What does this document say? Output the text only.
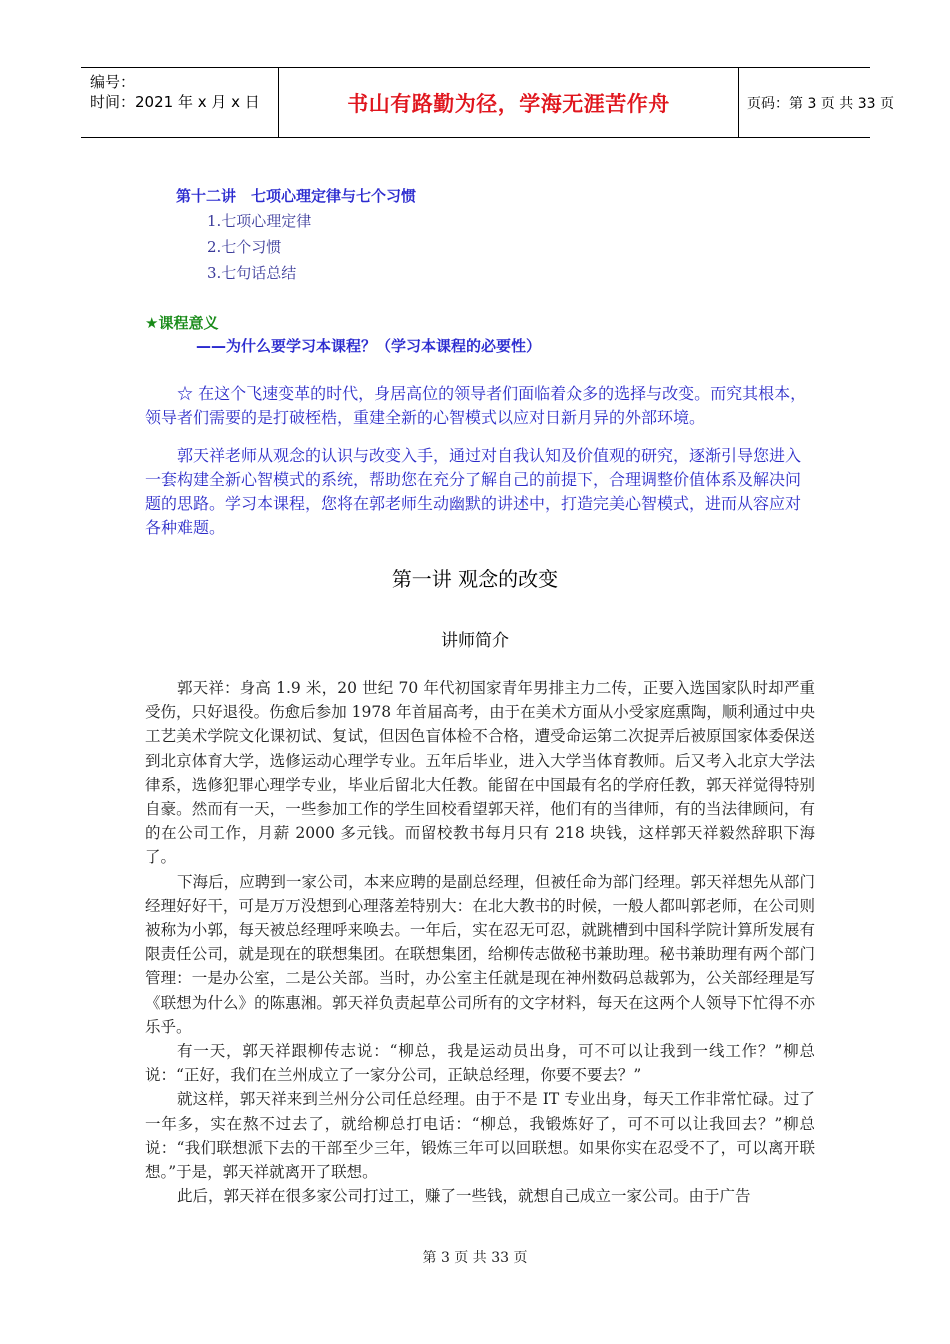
编号：
时间：2021 年 x 月 x 日	书山有路勤为径，学海无涯苦作舟	页码：第 3 页 共 33 页
第十二讲　七项心理定律与七个习惯
1.七项心理定律
2.七个习惯
3.七句话总结
★课程意义
——为什么要学习本课程？（学习本课程的必要性）

☆ 在这个飞速变革的时代，身居高位的领导者们面临着众多的选择与改变。而究其根本，领导者们需要的是打破桎梏，重建全新的心智模式以应对日新月异的外部环境。

郭天祥老师从观念的认识与改变入手，通过对自我认知及价值观的研究，逐渐引导您进入一套构建全新心智模式的系统，帮助您在充分了解自己的前提下，合理调整价值体系及解决问题的思路。学习本课程，您将在郭老师生动幽默的讲述中，打造完美心智模式，进而从容应对各种难题。

第一讲 观念的改变
讲师简介

郭天祥：身高 1.9 米，20 世纪 70 年代初国家青年男排主力二传，正要入选国家队时却严重受伤，只好退役。伤愈后参加 1978 年首届高考，由于在美术方面从小受家庭熏陶，顺利通过中央工艺美术学院文化课初试、复试，但因色盲体检不合格，遭受命运第二次捉弄后被原国家体委保送到北京体育大学，选修运动心理学专业。五年后毕业，进入大学当体育教师。后又考入北京大学法律系，选修犯罪心理学专业，毕业后留北大任教。能留在中国最有名的学府任教，郭天祥觉得特别自豪。然而有一天，一些参加工作的学生回校看望郭天祥，他们有的当律师，有的当法律顾问，有的在公司工作，月薪 2000 多元钱。而留校教书每月只有 218 块钱，这样郭天祥毅然辞职下海了。

下海后，应聘到一家公司，本来应聘的是副总经理，但被任命为部门经理。郭天祥想先从部门经理好好干，可是万万没想到心理落差特别大：在北大教书的时候，一般人都叫郭老师，在公司则被称为小郭，每天被总经理呼来唤去。一年后，实在忍无可忍，就跳槽到中国科学院计算所发展有限责任公司，就是现在的联想集团。在联想集团，给柳传志做秘书兼助理。秘书兼助理有两个部门管理：一是办公室，二是公关部。当时，办公室主任就是现在神州数码总裁郭为，公关部经理是写《联想为什么》的陈惠湘。郭天祥负责起草公司所有的文字材料，每天在这两个人领导下忙得不亦乐乎。

有一天，郭天祥跟柳传志说：“柳总，我是运动员出身，可不可以让我到一线工作？”柳总说：“正好，我们在兰州成立了一家分公司，正缺总经理，你要不要去？”

就这样，郭天祥来到兰州分公司任总经理。由于不是 IT 专业出身，每天工作非常忙碌。过了一年多，实在熬不过去了，就给柳总打电话：“柳总，我锻炼好了，可不可以让我回去？”柳总说：“我们联想派下去的干部至少三年，锻炼三年可以回联想。如果你实在忍受不了，可以离开联想。”于是，郭天祥就离开了联想。

此后，郭天祥在很多家公司打过工，赚了一些钱，就想自己成立一家公司。由于广告

第 3 页 共 33 页
